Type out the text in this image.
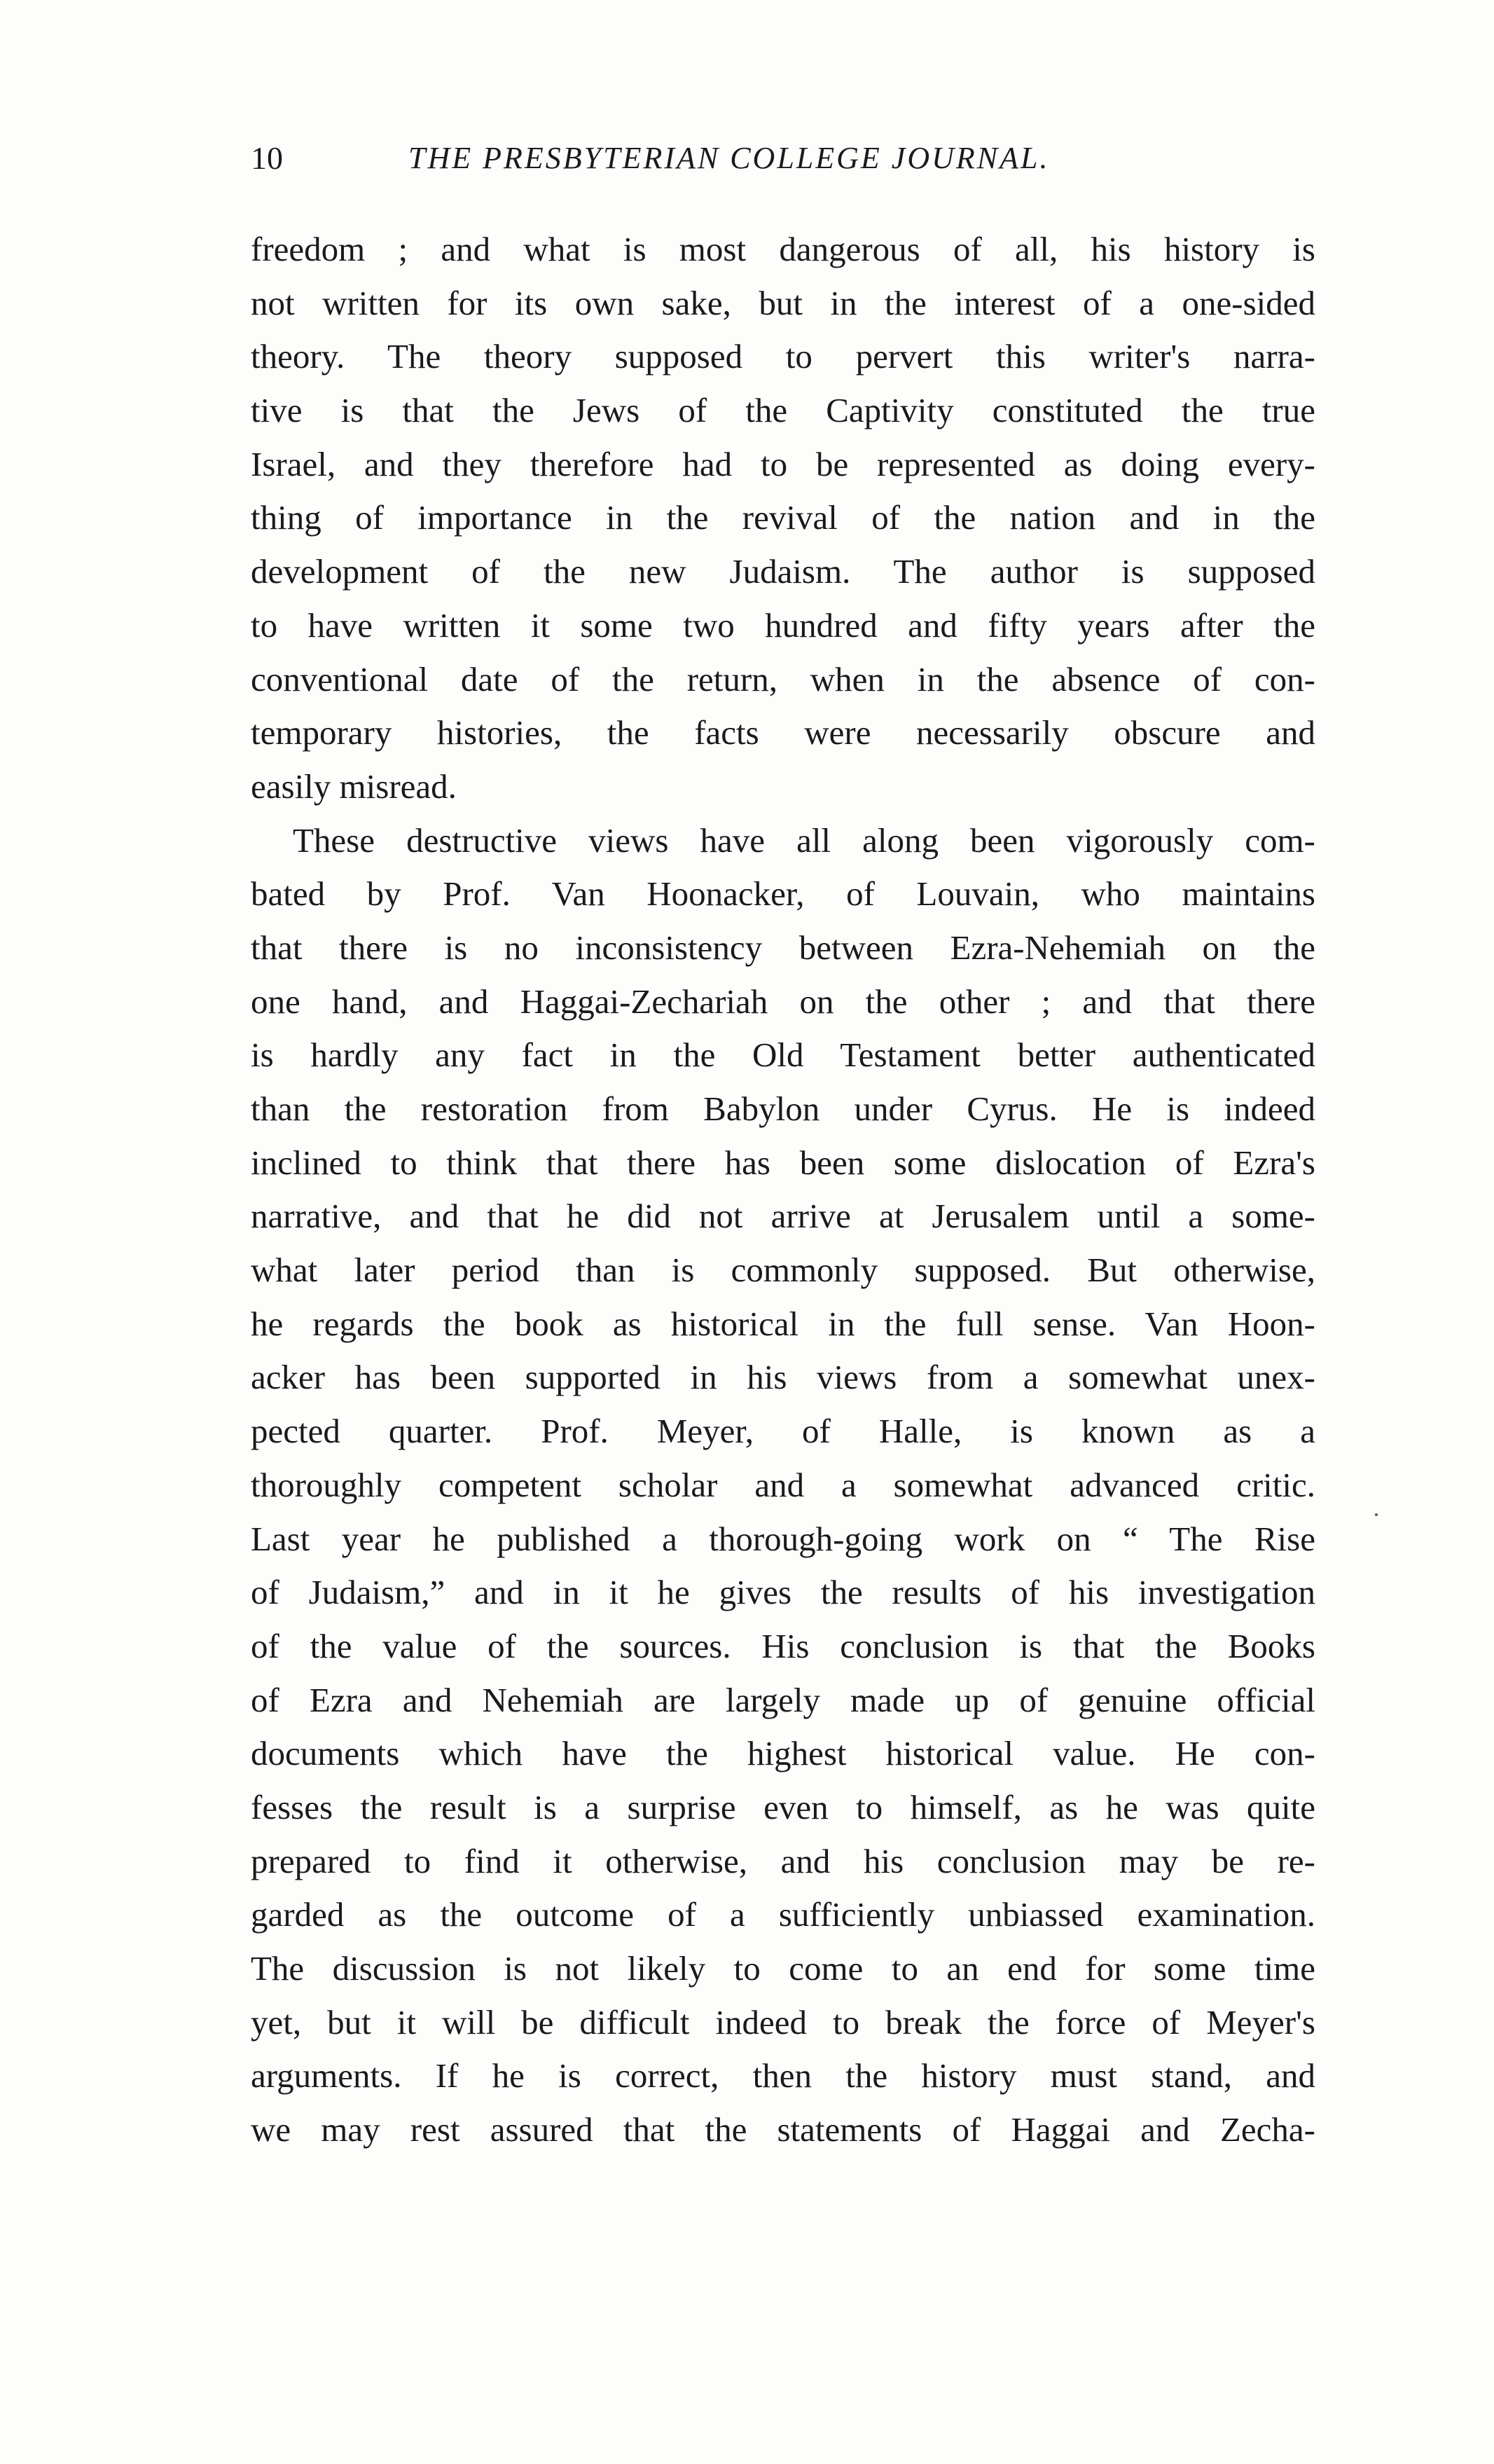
10	THE PRESBYTERIAN COLLEGE JOURNAL.

freedom ; and what is most dangerous of all, his history is
not written for its own sake, but in the interest of a one-sided
theory. The theory supposed to pervert this writer's narra-
tive is that the Jews of the Captivity constituted the true
Israel, and they therefore had to be represented as doing every-
thing of importance in the revival of the nation and in the
development of the new Judaism. The author is supposed
to have written it some two hundred and fifty years after the
conventional date of the return, when in the absence of con-
temporary histories, the facts were necessarily obscure and
easily misread.

These destructive views have all along been vigorously com-
bated by Prof. Van Hoonacker, of Louvain, who maintains
that there is no inconsistency between Ezra-Nehemiah on the
one hand, and Haggai-Zechariah on the other ; and that there
is hardly any fact in the Old Testament better authenticated
than the restoration from Babylon under Cyrus. He is indeed
inclined to think that there has been some dislocation of Ezra's
narrative, and that he did not arrive at Jerusalem until a some-
what later period than is commonly supposed. But otherwise,
he regards the book as historical in the full sense. Van Hoon-
acker has been supported in his views from a somewhat unex-
pected quarter. Prof. Meyer, of Halle, is known as a
thoroughly competent scholar and a somewhat advanced critic.
Last year he published a thorough-going work on “ The Rise
of Judaism,” and in it he gives the results of his investigation
of the value of the sources. His conclusion is that the Books
of Ezra and Nehemiah are largely made up of genuine official
documents which have the highest historical value. He con-
fesses the result is a surprise even to himself, as he was quite
prepared to find it otherwise, and his conclusion may be re-
garded as the outcome of a sufficiently unbiassed examination.
The discussion is not likely to come to an end for some time
yet, but it will be difficult indeed to break the force of Meyer's
arguments. If he is correct, then the history must stand, and
we may rest assured that the statements of Haggai and Zecha-
